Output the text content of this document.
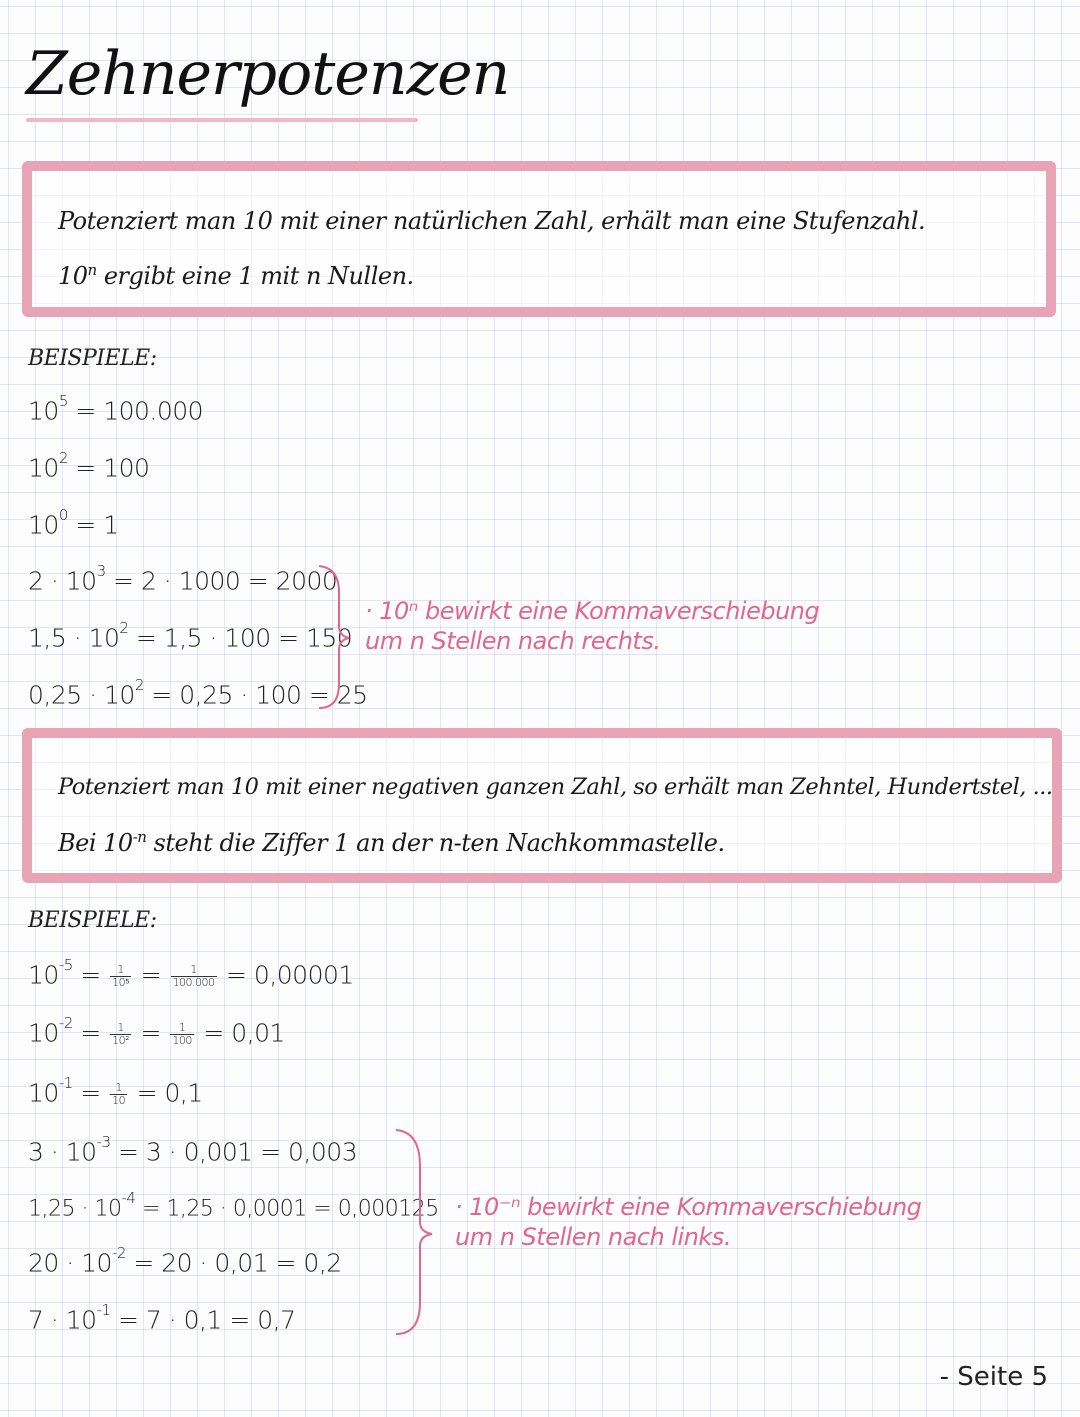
Zehnerpotenzen
Potenziert man 10 mit einer natürlichen Zahl, erhält man eine Stufenzahl.
10$^n$ ergibt eine 1 mit n Nullen.
BEISPIELE:
$10^5 = 100.000$
$10^2 = 100$
$10^0 = 1$
$2 \cdot 10^3 = 2 \cdot 1000 = 2000$
$1,5 \cdot 10^2 = 1,5 \cdot 100 = 150$
$0,25 \cdot 10^2 = 0,25 \cdot 100 = 25$
· 10ⁿ bewirkt eine Kommaverschiebung
um n Stellen nach rechts.
Potenziert man 10 mit einer negativen ganzen Zahl, so erhält man Zehntel, Hundertstel, ...
Bei $10^{-n}$ steht die Ziffer 1 an der n-ten Nachkommastelle.
BEISPIELE:
$10^{-5} = \frac{1}{\text{10⁵}} = \frac{1}{100.000} = 0,00001$
$10^{-2} = \frac{1}{\text{10²}} = \frac{1}{100} = 0,01$
$10^{-1} = \frac{1}{10} = 0,1$
$3 \cdot 10^{-3} = 3 \cdot 0,001 = 0,003$
$1,25 \cdot 10^{-4} = 1,25 \cdot 0,0001 = 0,000125$
$20 \cdot 10^{-2} = 20 \cdot 0,01 = 0,2$
$7 \cdot 10^{-1} = 7 \cdot 0,1 = 0,7$
· 10⁻ⁿ bewirkt eine Kommaverschiebung
um n Stellen nach links.
- Seite 5
